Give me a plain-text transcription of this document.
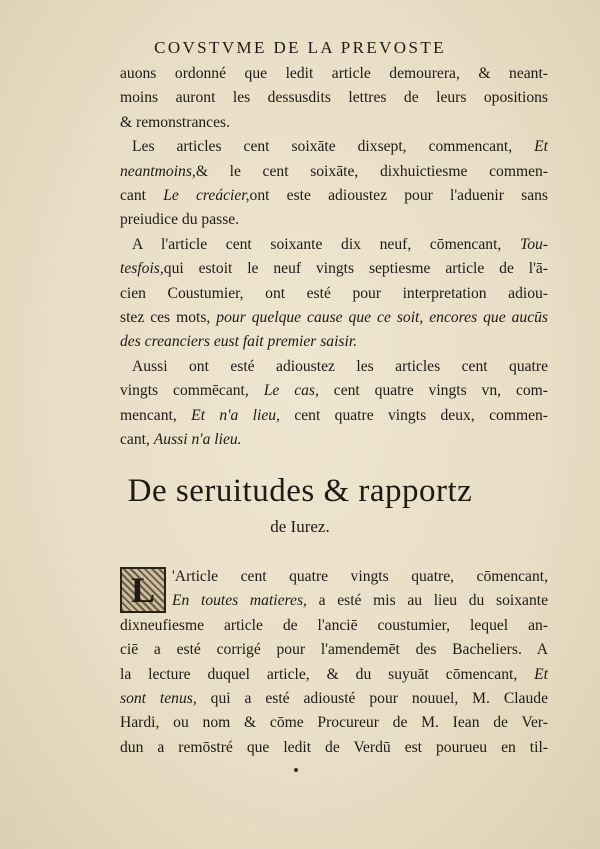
COVSTVME DE LA PREVOSTE
auons ordonné que ledit article demourera, & neant-
moins auront les dessusdits lettres de leurs opositions
& remonstrances.
Les articles cent soixāte dixsept, commencant, Et
neantmoins,& le cent soixāte, dixhuictiesme commen-
cant Le creácier,ont este adioustez pour l'aduenir sans
preiudice du passe.
A l'article cent soixante dix neuf, cōmencant, Tou-
tesfois,qui estoit le neuf vingts septiesme article de l'ā-
cien Coustumier, ont esté pour interpretation adiou-
stez ces mots, pour quelque cause que ce soit, encores que aucūs
des creanciers eust fait premier saisir.
Aussi ont esté adioustez les articles cent quatre
vingts commēcant, Le cas, cent quatre vingts vn, com-
mencant, Et n'a lieu, cent quatre vingts deux, commen-
cant, Aussi n'a lieu.
De seruitudes & rapportz
de Iurez.
L	'Article cent quatre vingts quatre, cōmencant,
En toutes matieres, a esté mis au lieu du soixante
dixneufiesme article de l'anciē coustumier, lequel an-
ciē a esté corrigé pour l'amendemēt des Bacheliers. A
la lecture duquel article, & du suyuāt cōmencant, Et
sont tenus, qui a esté adiousté pour nouuel, M. Claude
Hardi, ou nom & cōme Procureur de M. Iean de Ver-
dun a remōstré que ledit de Verdū est pourueu en til-
